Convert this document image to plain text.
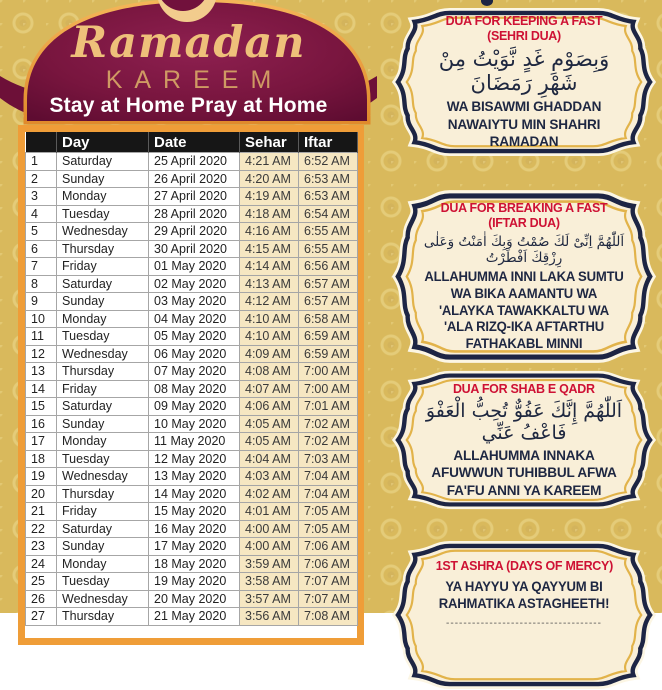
Ramadan
KAREEM
Stay at Home Pray at Home
	Day	Date	Sehar	Iftar
1	Saturday	25 April 2020	4:21 AM	6:52 AM
2	Sunday	26 April 2020	4:20 AM	6:53 AM
3	Monday	27 April 2020	4:19 AM	6:53 AM
4	Tuesday	28 April 2020	4:18 AM	6:54 AM
5	Wednesday	29 April 2020	4:16 AM	6:55 AM
6	Thursday	30 April 2020	4:15 AM	6:55 AM
7	Friday	01 May 2020	4:14 AM	6:56 AM
8	Saturday	02 May 2020	4:13 AM	6:57 AM
9	Sunday	03 May 2020	4:12 AM	6:57 AM
10	Monday	04 May 2020	4:10 AM	6:58 AM
11	Tuesday	05 May 2020	4:10 AM	6:59 AM
12	Wednesday	06 May 2020	4:09 AM	6:59 AM
13	Thursday	07 May 2020	4:08 AM	7:00 AM
14	Friday	08 May 2020	4:07 AM	7:00 AM
15	Saturday	09 May 2020	4:06 AM	7:01 AM
16	Sunday	10 May 2020	4:05 AM	7:02 AM
17	Monday	11 May 2020	4:05 AM	7:02 AM
18	Tuesday	12 May 2020	4:04 AM	7:03 AM
19	Wednesday	13 May 2020	4:03 AM	7:04 AM
20	Thursday	14 May 2020	4:02 AM	7:04 AM
21	Friday	15 May 2020	4:01 AM	7:05 AM
22	Saturday	16 May 2020	4:00 AM	7:05 AM
23	Sunday	17 May 2020	4:00 AM	7:06 AM
24	Monday	18 May 2020	3:59 AM	7:06 AM
25	Tuesday	19 May 2020	3:58 AM	7:07 AM
26	Wednesday	20 May 2020	3:57 AM	7:07 AM
27	Thursday	21 May 2020	3:56 AM	7:08 AM
DUA FOR KEEPING A FAST (SEHRI DUA)
وَبِصَوْمِ غَدٍ نَّوَيْتُ مِنْ شَهْرِ رَمَضَانَ
WA BISAWMI GHADDAN NAWAIYTU MIN SHAHRI RAMADAN
DUA FOR BREAKING A FAST (IFTAR DUA)
اَللّٰهُمَّ اِنِّىْ لَكَ صُمْتُ وَبِكَ اٰمَنْتُ وَعَلٰى رِزْقِكَ اَفْطَرْتُ
ALLAHUMMA INNI LAKA SUMTU WA BIKA AAMANTU WA 'ALAYKA TAWAKKALTU WA 'ALA RIZQ-IKA AFTARTHU FATHAKABL MINNI
DUA FOR SHAB E QADR
اَللّٰهُمَّ إِنَّكَ عَفُوٌّ تُحِبُّ الْعَفْوَ فَاعْفُ عَنِّي
ALLAHUMMA INNAKA AFUWWUN TUHIBBUL AFWA FA'FU ANNI YA KAREEM
1ST ASHRA (DAYS OF MERCY)
YA HAYYU YA QAYYUM BI RAHMATIKA ASTAGHEETH!
------------------------------------
